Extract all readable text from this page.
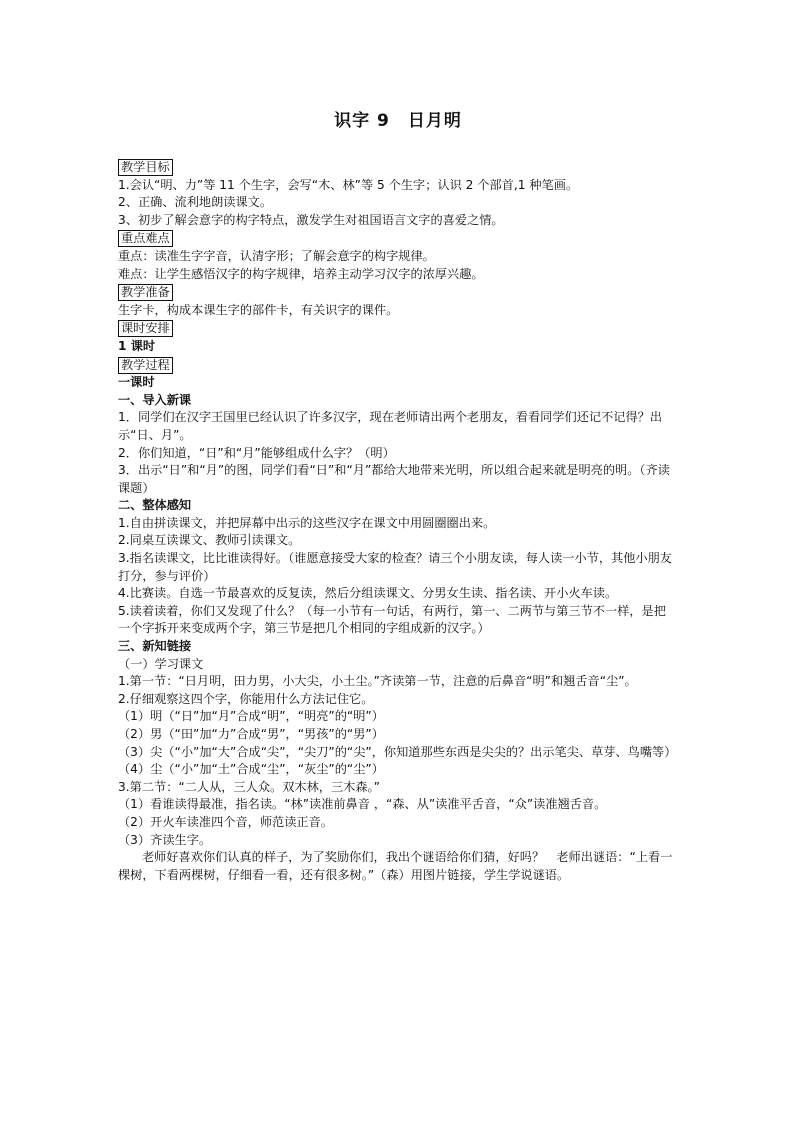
识字 9　日月明
教学目标
1.会认“明、力”等 11 个生字，会写“木、林”等 5 个生字；认识 2 个部首,1 种笔画。
2、正确、流利地朗读课文。
3、初步了解会意字的构字特点，激发学生对祖国语言文字的喜爱之情。
重点难点
重点：读准生字字音，认清字形；了解会意字的构字规律。
难点：让学生感悟汉字的构字规律，培养主动学习汉字的浓厚兴趣。
教学准备
生字卡，构成本课生字的部件卡，有关识字的课件。
课时安排
1 课时
教学过程
一课时
一、导入新课
1．同学们在汉字王国里已经认识了许多汉字，现在老师请出两个老朋友，看看同学们还记不记得？出示“日、月”。
2．你们知道，“日”和“月”能够组成什么字？（明）
3．出示“日”和“月”的图，同学们看“日”和“月”都给大地带来光明，所以组合起来就是明亮的明。（齐读课题）
二、整体感知
1.自由拼读课文，并把屏幕中出示的这些汉字在课文中用圆圈圈出来。
2.同桌互读课文、教师引读课文。
3.指名读课文，比比谁读得好。（谁愿意接受大家的检查？请三个小朋友读，每人读一小节，其他小朋友打分，参与评价）
4.比赛读。自选一节最喜欢的反复读，然后分组读课文、分男女生读、指名读、开小火车读。
5.读着读着，你们又发现了什么？（每一小节有一句话，有两行，第一、二两节与第三节不一样，是把一个字拆开来变成两个字，第三节是把几个相同的字组成新的汉字。）
三、新知链接
（一）学习课文
1.第一节：“日月明，田力男，小大尖，小土尘。”齐读第一节，注意的后鼻音“明”和翘舌音“尘”。
2.仔细观察这四个字，你能用什么方法记住它。
（1）明（“日”加“月”合成“明”，“明亮”的“明”）
（2）男（“田”加“力”合成“男”，“男孩”的“男”）
（3）尖（“小”加“大”合成“尖”，“尖刀”的“尖”，你知道那些东西是尖尖的？出示笔尖、草芽、鸟嘴等）
（4）尘（“小”加“土”合成“尘”，“灰尘”的“尘”）
3.第二节：“二人从，三人众。双木林，三木森。”
（1）看谁读得最准，指名读。“林”读准前鼻音 ，“森、从”读准平舌音，“众”读准翘舌音。
（2）开火车读准四个音，师范读正音。
（3）齐读生字。
老师好喜欢你们认真的样子，为了奖励你们，我出个谜语给你们猜，好吗？　老师出谜语：“上看一棵树，下看两棵树，仔细看一看，还有很多树。”（森）用图片链接，学生学说谜语。
